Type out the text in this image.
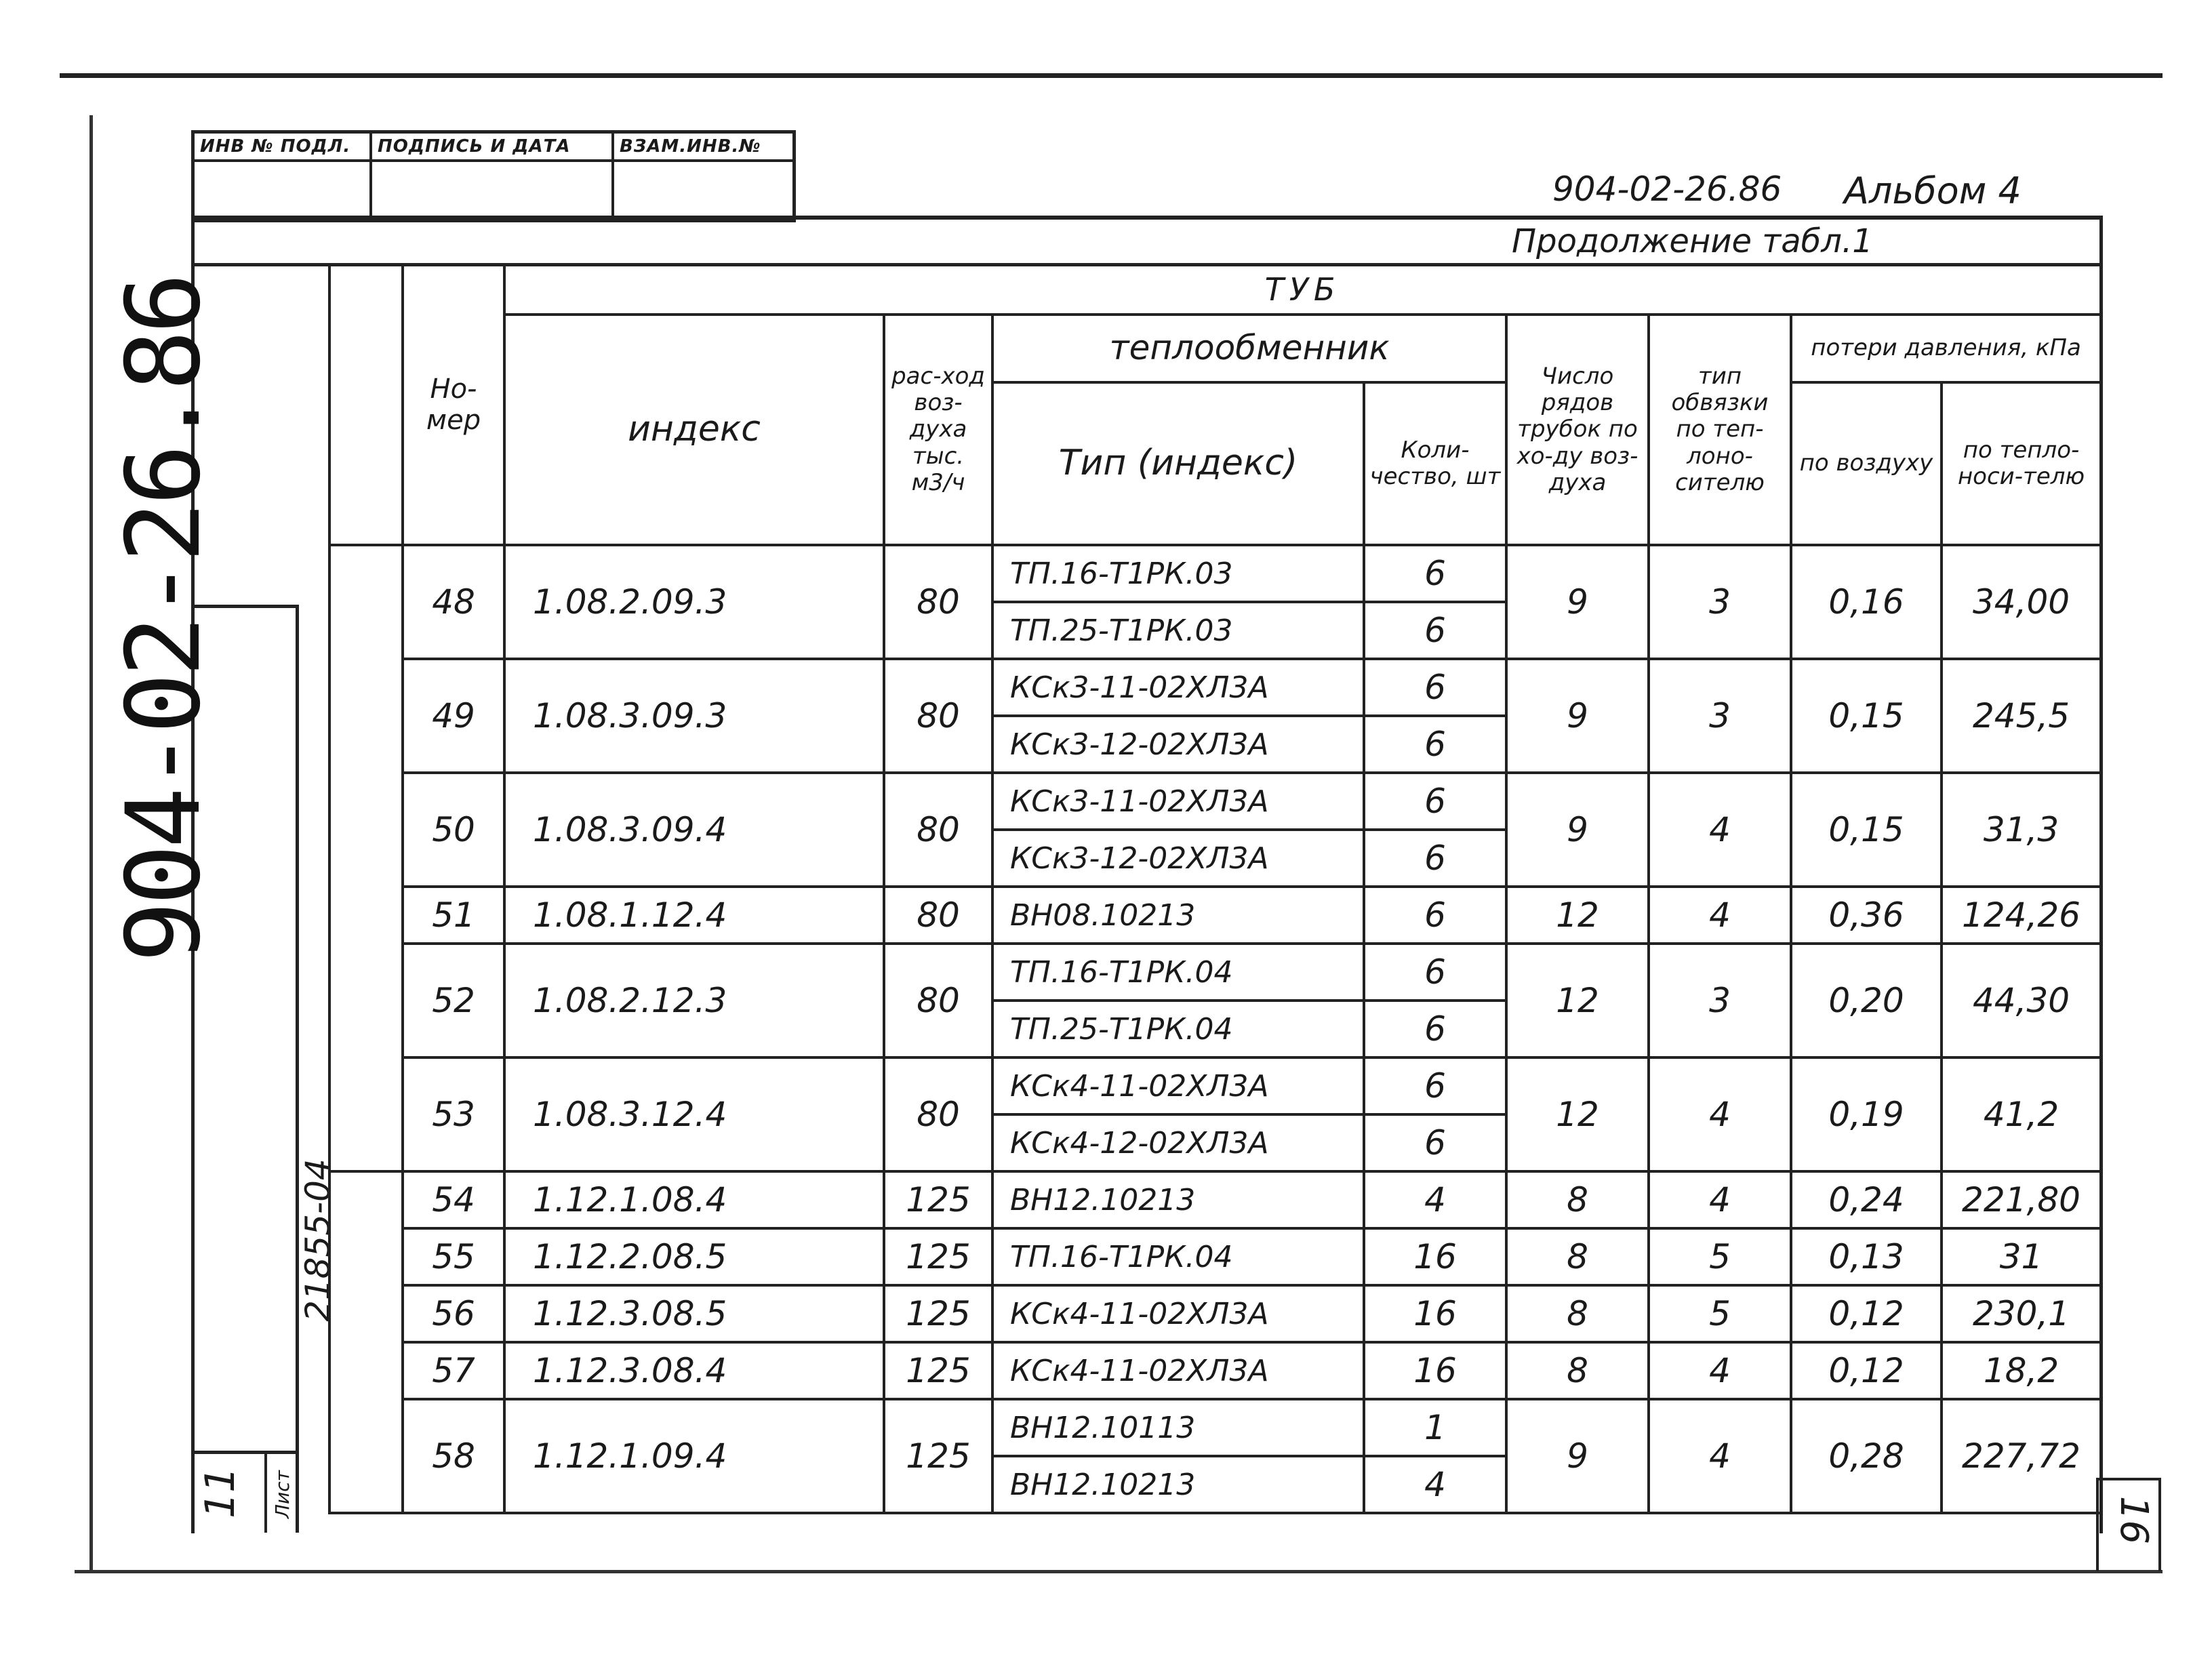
ИНВ № ПОДЛ.	ПОДПИСЬ И ДАТА	ВЗАМ.ИНВ.№
904-02-26.86 Альбом 4
Продолжение табл.1
904-02-26.86
21855-04
11 Лист
16
	Но-мер	ТУБ							
		индекс	рас-ход воз-духа тыс. м3/ч	теплообменник		Число рядов трубок по хо-ду воз-духа	тип обвязки по теп-лоно-сителю	потери давления, кПа	
				Тип (индекс)	Коли-чество, шт			по воздуху	по тепло-носи-телю
	48	1.08.2.09.3	80	ТП.16-Т1РК.03	6	9	3	0,16	34,00
				ТП.25-Т1РК.03	6				
	49	1.08.3.09.3	80	КСк3-11-02ХЛ3А	6	9	3	0,15	245,5
				КСк3-12-02ХЛ3А	6				
	50	1.08.3.09.4	80	КСк3-11-02ХЛ3А	6	9	4	0,15	31,3
				КСк3-12-02ХЛ3А	6				
	51	1.08.1.12.4	80	ВН08.10213	6	12	4	0,36	124,26
	52	1.08.2.12.3	80	ТП.16-Т1РК.04	6	12	3	0,20	44,30
				ТП.25-Т1РК.04	6				
	53	1.08.3.12.4	80	КСк4-11-02ХЛ3А	6	12	4	0,19	41,2
				КСк4-12-02ХЛ3А	6				
	54	1.12.1.08.4	125	ВН12.10213	4	8	4	0,24	221,80
	55	1.12.2.08.5	125	ТП.16-Т1РК.04	16	8	5	0,13	31
	56	1.12.3.08.5	125	КСк4-11-02ХЛ3А	16	8	5	0,12	230,1
	57	1.12.3.08.4	125	КСк4-11-02ХЛ3А	16	8	4	0,12	18,2
	58	1.12.1.09.4	125	ВН12.10113	1	9	4	0,28	227,72
				ВН12.10213	4				
